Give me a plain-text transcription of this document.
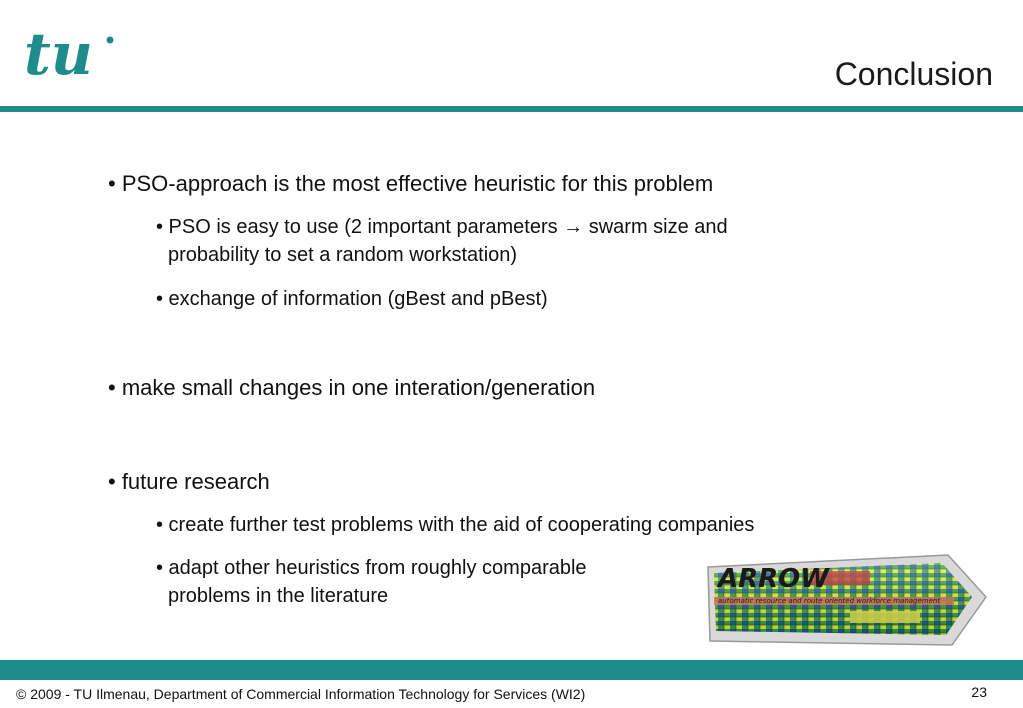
tu	Conclusion
• PSO-approach is the most effective heuristic for this problem
• PSO is easy to use (2 important parameters → swarm size and
probability to set a random workstation)
• exchange of information (gBest and pBest)
• make small changes in one interation/generation
• future research
• create further test problems with the aid of cooperating companies
• adapt other heuristics from roughly comparable
problems in the literature
ARROW
automatic resource and route oriented workforce management
© 2009 - TU Ilmenau, Department of Commercial Information Technology for Services (WI2)	23
